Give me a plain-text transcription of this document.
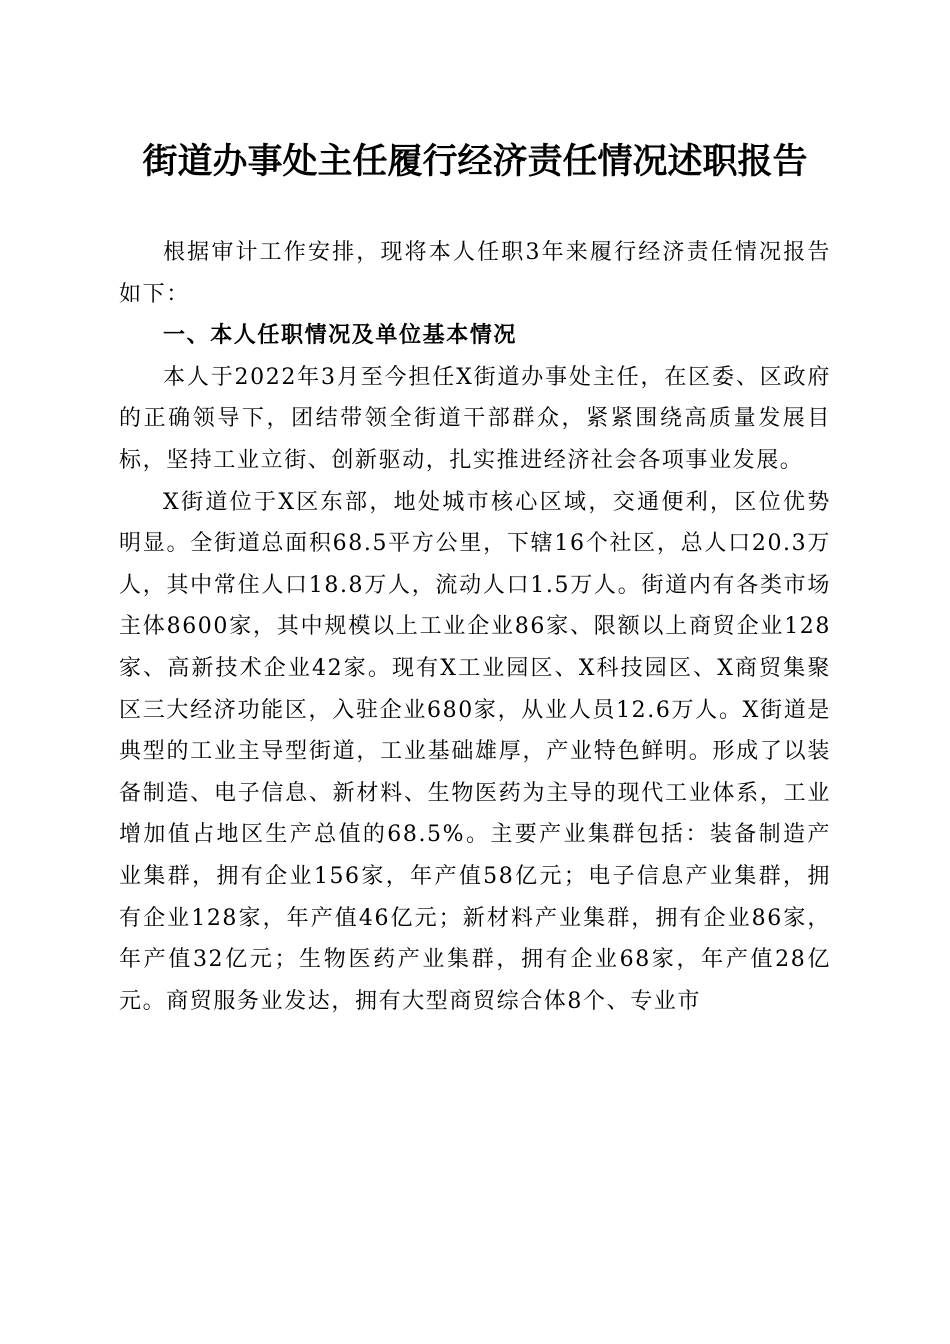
街道办事处主任履行经济责任情况述职报告

根据审计工作安排，现将本人任职3年来履行经济责任情况报告如下：

一、本人任职情况及单位基本情况

本人于2022年3月至今担任X街道办事处主任，在区委、区政府的正确领导下，团结带领全街道干部群众，紧紧围绕高质量发展目标，坚持工业立街、创新驱动，扎实推进经济社会各项事业发展。

X街道位于X区东部，地处城市核心区域，交通便利，区位优势明显。全街道总面积68.5平方公里，下辖16个社区，总人口20.3万人，其中常住人口18.8万人，流动人口1.5万人。街道内有各类市场主体8600家，其中规模以上工业企业86家、限额以上商贸企业128家、高新技术企业42家。现有X工业园区、X科技园区、X商贸集聚区三大经济功能区，入驻企业680家，从业人员12.6万人。X街道是典型的工业主导型街道，工业基础雄厚，产业特色鲜明。形成了以装备制造、电子信息、新材料、生物医药为主导的现代工业体系，工业增加值占地区生产总值的68.5%。主要产业集群包括：装备制造产业集群，拥有企业156家，年产值58亿元；电子信息产业集群，拥有企业128家，年产值46亿元；新材料产业集群，拥有企业86家，年产值32亿元；生物医药产业集群，拥有企业68家，年产值28亿元。商贸服务业发达，拥有大型商贸综合体8个、专业市
